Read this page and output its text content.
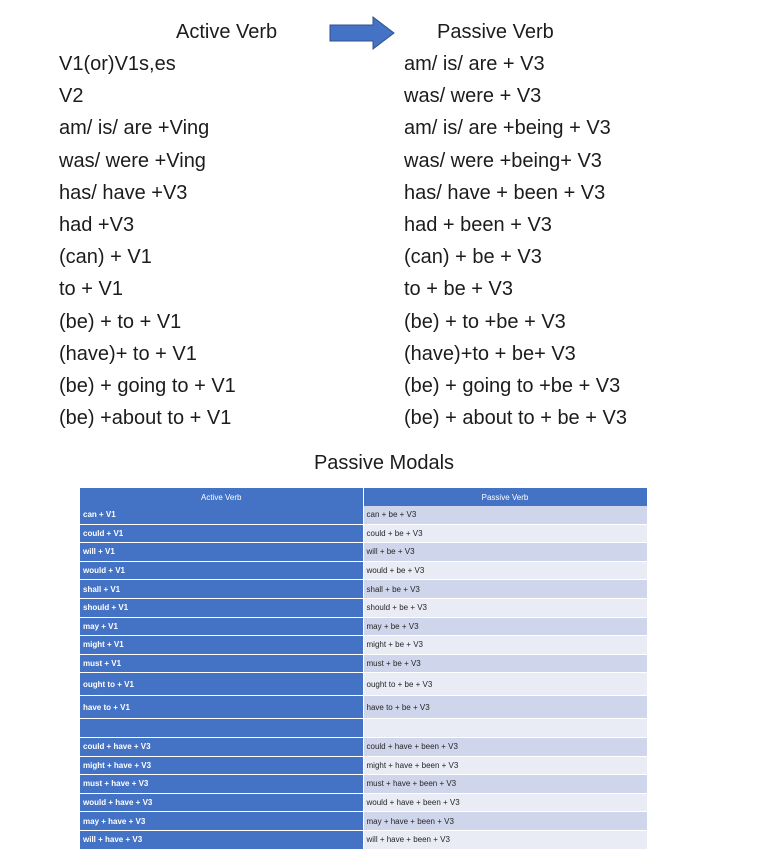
Active Verb	Passive Verb
V1(or)V1s,es	am/ is/ are + V3
V2	was/ were + V3
am/ is/ are +Ving	am/ is/ are +being + V3
was/ were +Ving	was/ were +being+ V3
has/ have +V3	has/ have + been + V3
had +V3	had + been + V3
(can) + V1	(can) + be + V3
to + V1	to + be + V3
(be) + to + V1	(be) + to +be + V3
(have)+ to + V1	(have)+to + be+ V3
(be) + going to + V1	(be) + going to +be + V3
(be) +about to + V1	(be) + about to + be + V3
Passive Modals
Active Verb	Passive Verb
can + V1	can + be + V3
could + V1	could + be + V3
will + V1	will + be + V3
would + V1	would + be + V3
shall + V1	shall + be + V3
should + V1	should + be + V3
may + V1	may + be + V3
might + V1	might + be + V3
must + V1	must + be + V3
ought to + V1	ought to + be + V3
have to + V1	have to + be + V3

could + have + V3	could + have + been + V3
might + have + V3	might + have + been + V3
must + have + V3	must + have + been + V3
would + have + V3	would + have + been + V3
may + have + V3	may + have + been + V3
will + have + V3	will + have + been + V3
